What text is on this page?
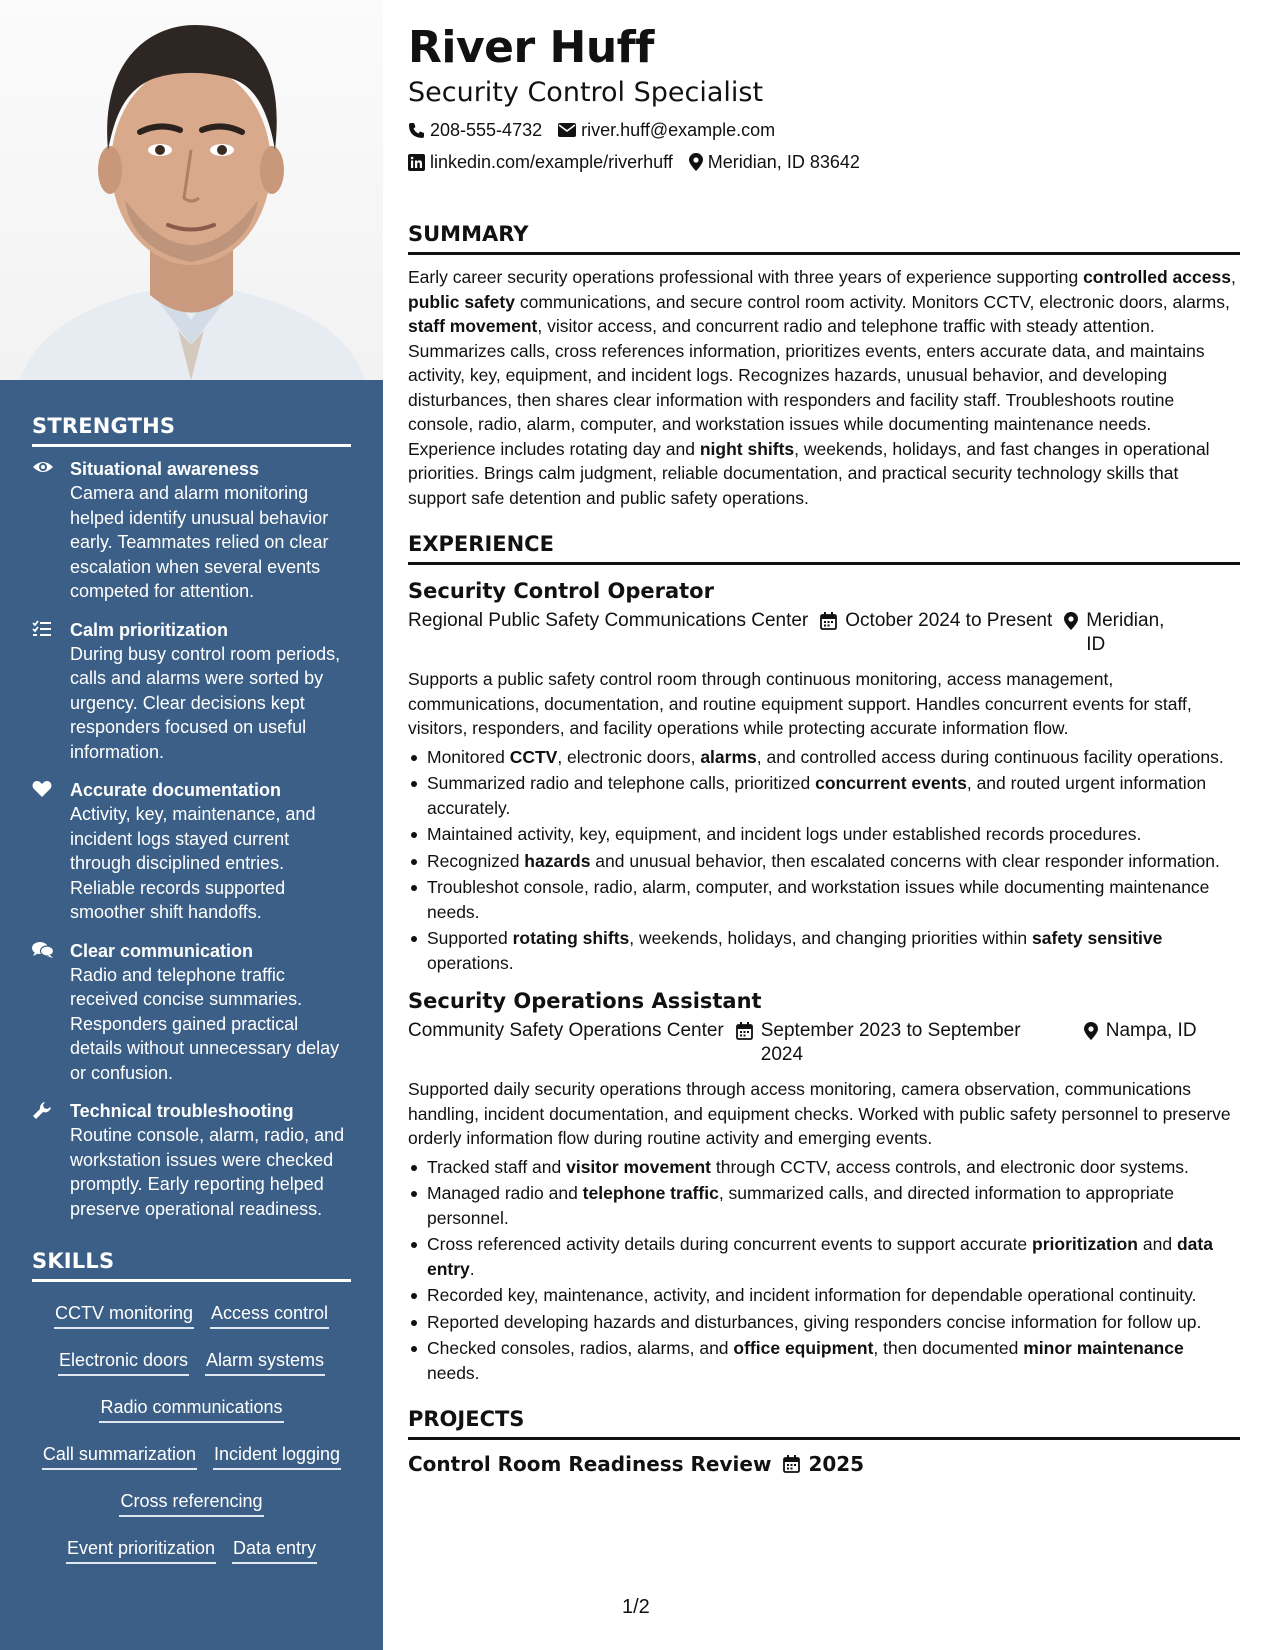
STRENGTHS
Situational awareness
Camera and alarm monitoring helped identify unusual behavior early. Teammates relied on clear escalation when several events competed for attention.
Calm prioritization
During busy control room periods, calls and alarms were sorted by urgency. Clear decisions kept responders focused on useful information.
Accurate documentation
Activity, key, maintenance, and incident logs stayed current through disciplined entries. Reliable records supported smoother shift handoffs.
Clear communication
Radio and telephone traffic received concise summaries. Responders gained practical details without unnecessary delay or confusion.
Technical troubleshooting
Routine console, alarm, radio, and workstation issues were checked promptly. Early reporting helped preserve operational readiness.
SKILLS
CCTV monitoring Access control
Electronic doors Alarm systems
Radio communications
Call summarization Incident logging
Cross referencing
Event prioritization Data entry
River Huff
Security Control Specialist
208-555-4732 river.huff@example.com
linkedin.com/example/riverhuff Meridian, ID 83642
SUMMARY
Early career security operations professional with three years of experience supporting controlled access, public safety communications, and secure control room activity. Monitors CCTV, electronic doors, alarms, staff movement, visitor access, and concurrent radio and telephone traffic with steady attention. Summarizes calls, cross references information, prioritizes events, enters accurate data, and maintains activity, key, equipment, and incident logs. Recognizes hazards, unusual behavior, and developing disturbances, then shares clear information with responders and facility staff. Troubleshoots routine console, radio, alarm, computer, and workstation issues while documenting maintenance needs. Experience includes rotating day and night shifts, weekends, holidays, and fast changes in operational priorities. Brings calm judgment, reliable documentation, and practical security technology skills that support safe detention and public safety operations.
EXPERIENCE
Security Control Operator
Regional Public Safety Communications Center October 2024 to Present Meridian, ID
Supports a public safety control room through continuous monitoring, access management, communications, documentation, and routine equipment support. Handles concurrent events for staff, visitors, responders, and facility operations while protecting accurate information flow.
Monitored CCTV, electronic doors, alarms, and controlled access during continuous facility operations.
Summarized radio and telephone calls, prioritized concurrent events, and routed urgent information accurately.
Maintained activity, key, equipment, and incident logs under established records procedures.
Recognized hazards and unusual behavior, then escalated concerns with clear responder information.
Troubleshot console, radio, alarm, computer, and workstation issues while documenting maintenance needs.
Supported rotating shifts, weekends, holidays, and changing priorities within safety sensitive operations.
Security Operations Assistant
Community Safety Operations Center September 2023 to September 2024
Nampa, ID
Supported daily security operations through access monitoring, camera observation, communications handling, incident documentation, and equipment checks. Worked with public safety personnel to preserve orderly information flow during routine activity and emerging events.
Tracked staff and visitor movement through CCTV, access controls, and electronic door systems.
Managed radio and telephone traffic, summarized calls, and directed information to appropriate personnel.
Cross referenced activity details during concurrent events to support accurate prioritization and data entry.
Recorded key, maintenance, activity, and incident information for dependable operational continuity.
Reported developing hazards and disturbances, giving responders concise information for follow up.
Checked consoles, radios, alarms, and office equipment, then documented minor maintenance needs.
PROJECTS
Control Room Readiness Review 2025
1/2
